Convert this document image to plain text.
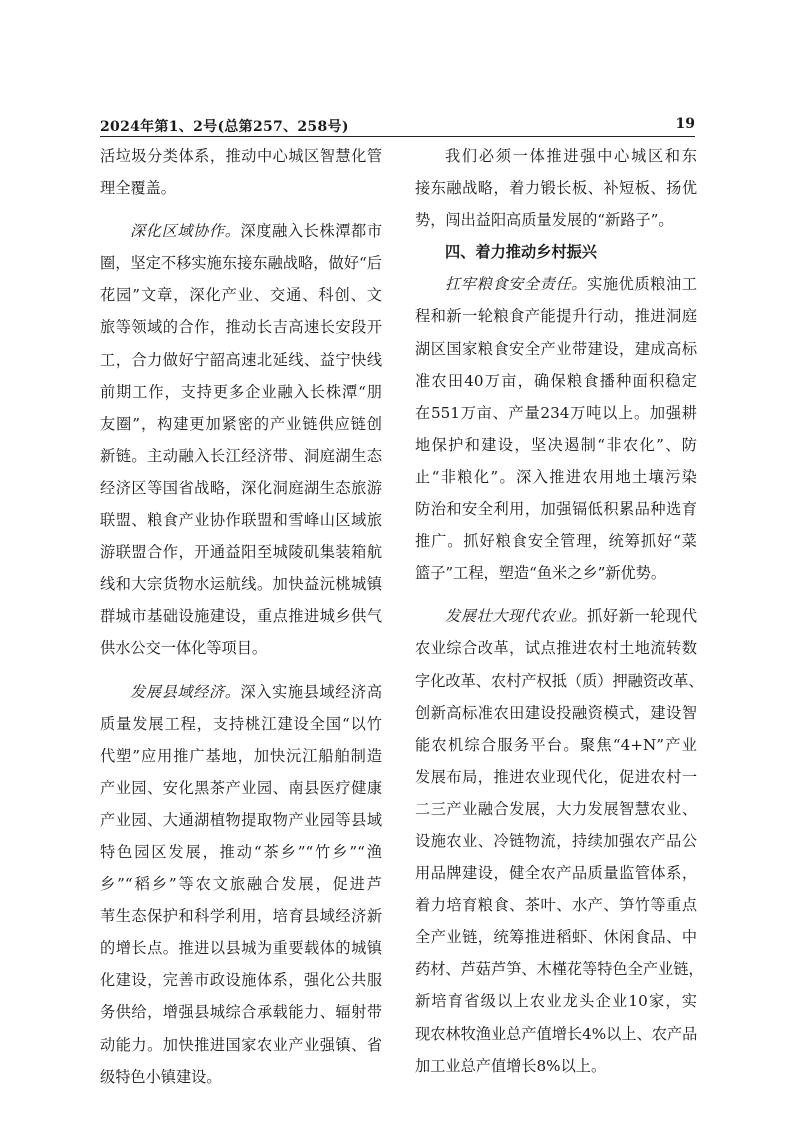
2024年第1、2号(总第257、258号)	19
活垃圾分类体系，推动中心城区智慧化管
理全覆盖。
深化区域协作。深度融入长株潭都市
圈，坚定不移实施东接东融战略，做好“后
花园”文章，深化产业、交通、科创、文
旅等领域的合作，推动长吉高速长安段开
工，合力做好宁韶高速北延线、益宁快线
前期工作，支持更多企业融入长株潭“朋
友圈”，构建更加紧密的产业链供应链创
新链。主动融入长江经济带、洞庭湖生态
经济区等国省战略，深化洞庭湖生态旅游
联盟、粮食产业协作联盟和雪峰山区域旅
游联盟合作，开通益阳至城陵矶集装箱航
线和大宗货物水运航线。加快益沅桃城镇
群城市基础设施建设，重点推进城乡供气
供水公交一体化等项目。
发展县域经济。深入实施县域经济高
质量发展工程，支持桃江建设全国“以竹
代塑”应用推广基地，加快沅江船舶制造
产业园、安化黑茶产业园、南县医疗健康
产业园、大通湖植物提取物产业园等县域
特色园区发展，推动“茶乡”“竹乡”“渔
乡”“稻乡”等农文旅融合发展，促进芦
苇生态保护和科学利用，培育县域经济新
的增长点。推进以县城为重要载体的城镇
化建设，完善市政设施体系，强化公共服
务供给，增强县城综合承载能力、辐射带
动能力。加快推进国家农业产业强镇、省
级特色小镇建设。
我们必须一体推进强中心城区和东
接东融战略，着力锻长板、补短板、扬优
势，闯出益阳高质量发展的“新路子”。
四、着力推动乡村振兴
扛牢粮食安全责任。实施优质粮油工
程和新一轮粮食产能提升行动，推进洞庭
湖区国家粮食安全产业带建设，建成高标
准农田40万亩，确保粮食播种面积稳定
在551万亩、产量234万吨以上。加强耕
地保护和建设，坚决遏制“非农化”、防
止“非粮化”。深入推进农用地土壤污染
防治和安全利用，加强镉低积累品种选育
推广。抓好粮食安全管理，统筹抓好“菜
篮子”工程，塑造“鱼米之乡”新优势。
发展壮大现代农业。抓好新一轮现代
农业综合改革，试点推进农村土地流转数
字化改革、农村产权抵（质）押融资改革、
创新高标准农田建设投融资模式，建设智
能农机综合服务平台。聚焦“4+N”产业
发展布局，推进农业现代化，促进农村一
二三产业融合发展，大力发展智慧农业、
设施农业、冷链物流，持续加强农产品公
用品牌建设，健全农产品质量监管体系，
着力培育粮食、茶叶、水产、笋竹等重点
全产业链，统筹推进稻虾、休闲食品、中
药材、芦菇芦笋、木槿花等特色全产业链，
新培育省级以上农业龙头企业10家，实
现农林牧渔业总产值增长4%以上、农产品
加工业总产值增长8%以上。
